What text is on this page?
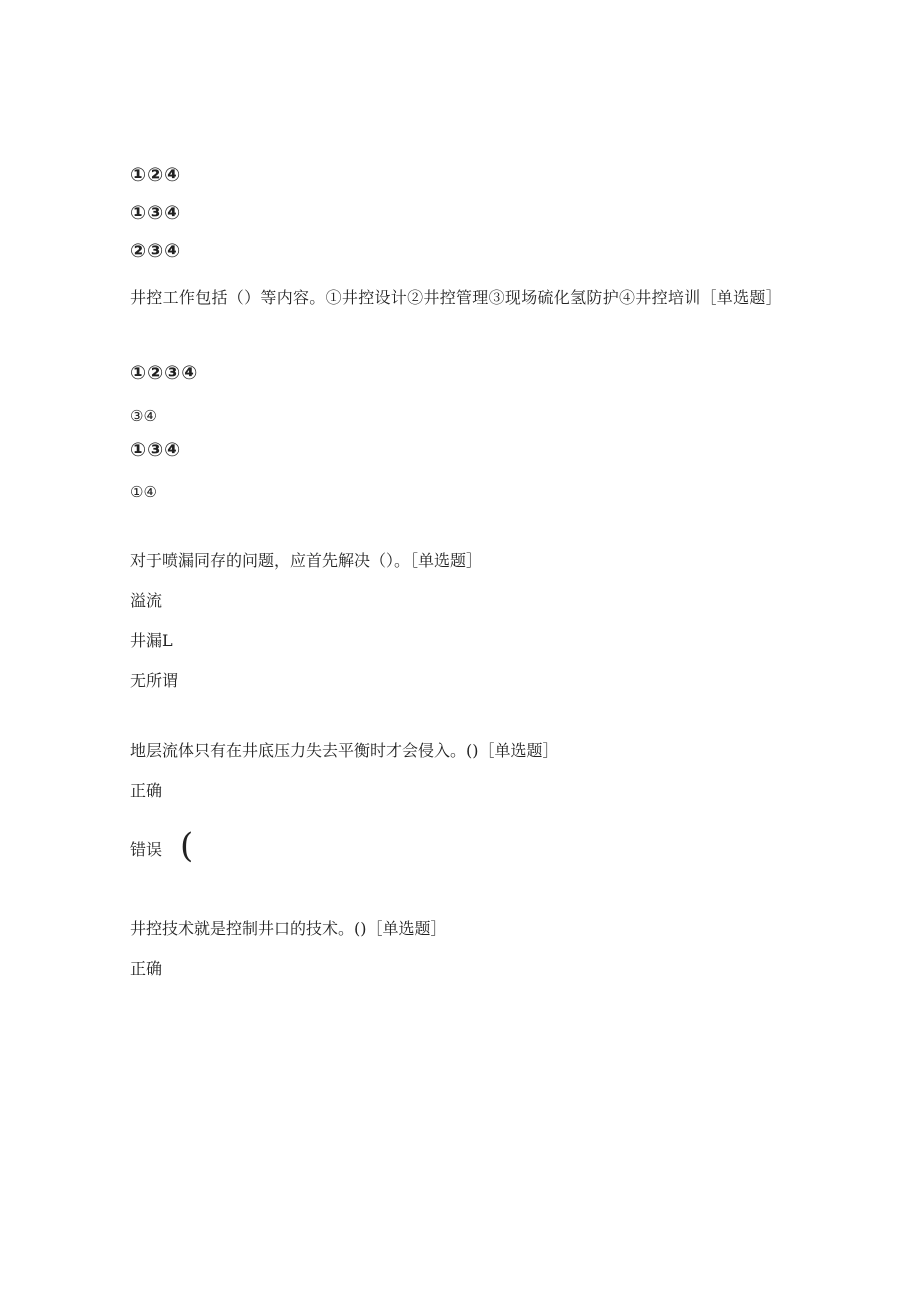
①②④
①③④
②③④
井控工作包括（）等内容。①井控设计②井控管理③现场硫化氢防护④井控培训［单选题］
①②③④
③④
①③④
①④
对于喷漏同存的问题，应首先解决（）。［单选题］
溢流
井漏L
无所谓
地层流体只有在井底压力失去平衡时才会侵入。()［单选题］
正确
错误 (
井控技术就是控制井口的技术。()［单选题］
正确
